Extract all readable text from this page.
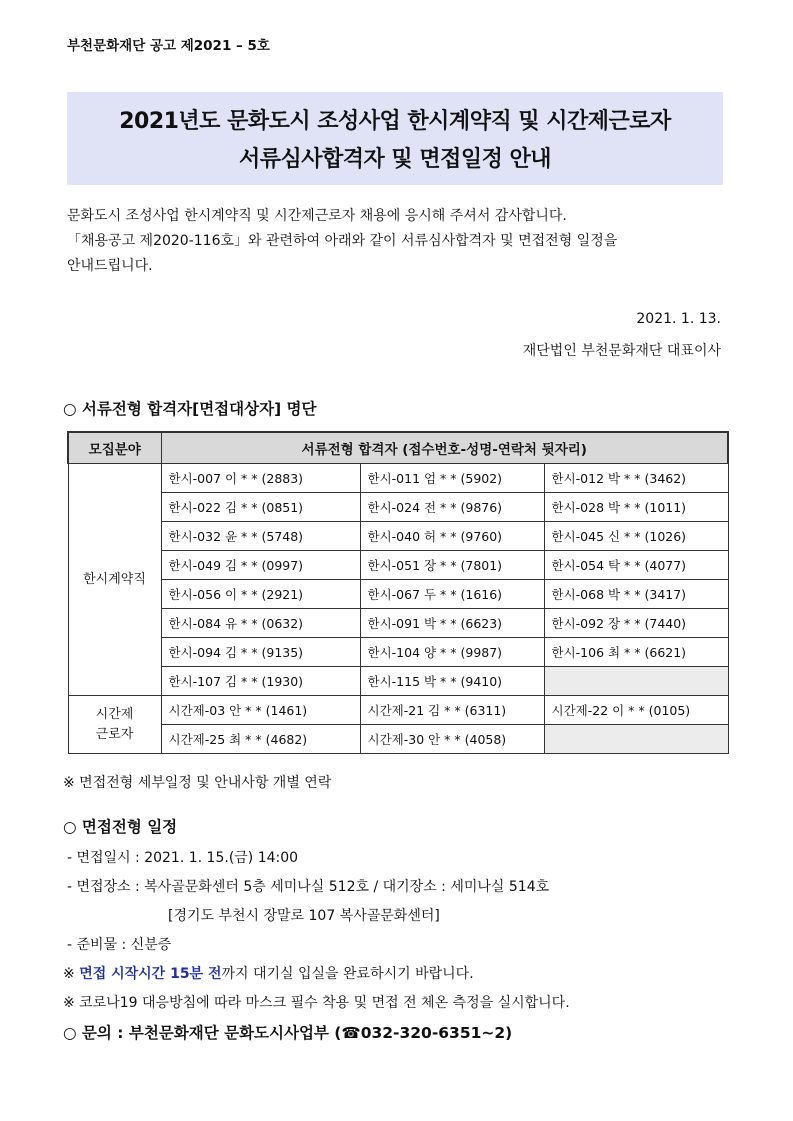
부천문화재단 공고 제2021 – 5호
2021년도 문화도시 조성사업 한시계약직 및 시간제근로자
서류심사합격자 및 면접일정 안내
문화도시 조성사업 한시계약직 및 시간제근로자 채용에 응시해 주셔서 감사합니다.
「채용공고 제2020-116호」와 관련하여 아래와 같이 서류심사합격자 및 면접전형 일정을
안내드립니다.
2021. 1. 13.
재단법인 부천문화재단 대표이사
○ 서류전형 합격자[면접대상자] 명단
모집분야	서류전형 합격자 (접수번호-성명-연락처 뒷자리)		
한시계약직	한시-007 이 * * (2883)	한시-011 엄 * * (5902)	한시-012 박 * * (3462)
	한시-022 김 * * (0851)	한시-024 전 * * (9876)	한시-028 박 * * (1011)
	한시-032 윤 * * (5748)	한시-040 허 * * (9760)	한시-045 신 * * (1026)
	한시-049 김 * * (0997)	한시-051 장 * * (7801)	한시-054 탁 * * (4077)
	한시-056 이 * * (2921)	한시-067 두 * * (1616)	한시-068 박 * * (3417)
	한시-084 유 * * (0632)	한시-091 박 * * (6623)	한시-092 장 * * (7440)
	한시-094 김 * * (9135)	한시-104 양 * * (9987)	한시-106 최 * * (6621)
	한시-107 김 * * (1930)	한시-115 박 * * (9410)	
시간제
근로자	시간제-03 안 * * (1461)	시간제-21 김 * * (6311)	시간제-22 이 * * (0105)
	시간제-25 최 * * (4682)	시간제-30 안 * * (4058)	
※ 면접전형 세부일정 및 안내사항 개별 연락
○ 면접전형 일정
- 면접일시 : 2021. 1. 15.(금) 14:00
- 면접장소 : 복사골문화센터 5층 세미나실 512호 / 대기장소 : 세미나실 514호
[경기도 부천시 장말로 107 복사골문화센터]
- 준비물 : 신분증
※ 면접 시작시간 15분 전까지 대기실 입실을 완료하시기 바랍니다.
※ 코로나19 대응방침에 따라 마스크 필수 착용 및 면접 전 체온 측정을 실시합니다.
○ 문의 : 부천문화재단 문화도시사업부 (☎032-320-6351~2)
